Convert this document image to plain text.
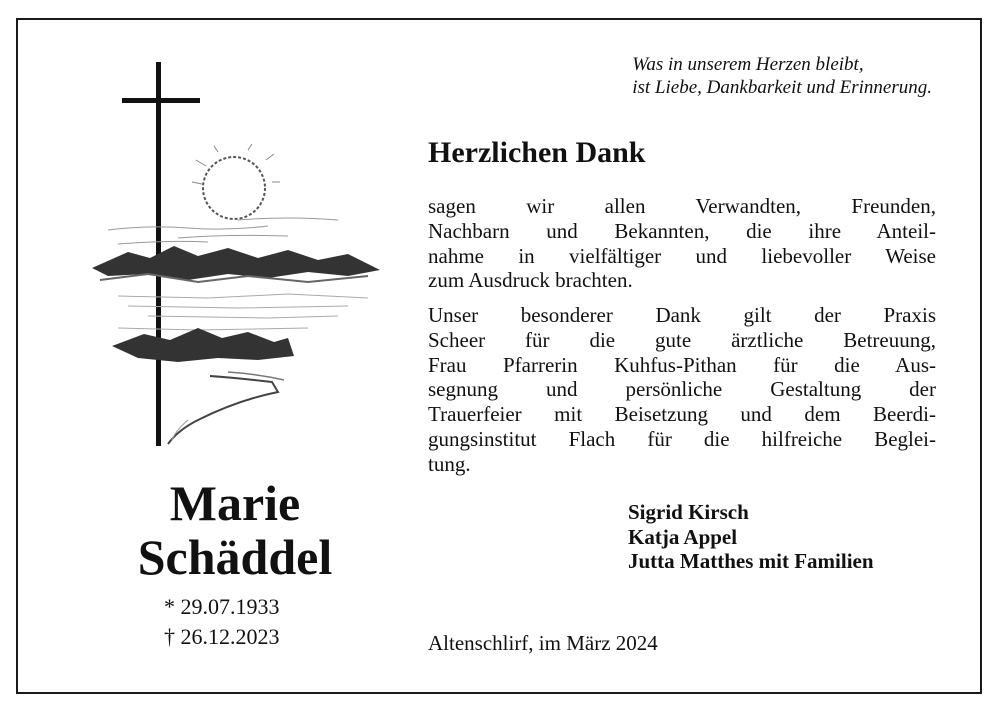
Was in unserem Herzen bleibt,
ist Liebe, Dankbarkeit und Erinnerung.
Herzlichen Dank
sagen wir allen Verwandten, Freunden,
Nachbarn und Bekannten, die ihre Anteil-
nahme in vielfältiger und liebevoller Weise
zum Ausdruck brachten.
Unser besonderer Dank gilt der Praxis
Scheer für die gute ärztliche Betreuung,
Frau Pfarrerin Kuhfus-Pithan für die Aus-
segnung und persönliche Gestaltung der
Trauerfeier mit Beisetzung und dem Beerdi-
gungsinstitut Flach für die hilfreiche Beglei-
tung.
Marie
Schäddel
* 29.07.1933
† 26.12.2023
Sigrid Kirsch
Katja Appel
Jutta Matthes mit Familien
Altenschlirf, im März 2024
